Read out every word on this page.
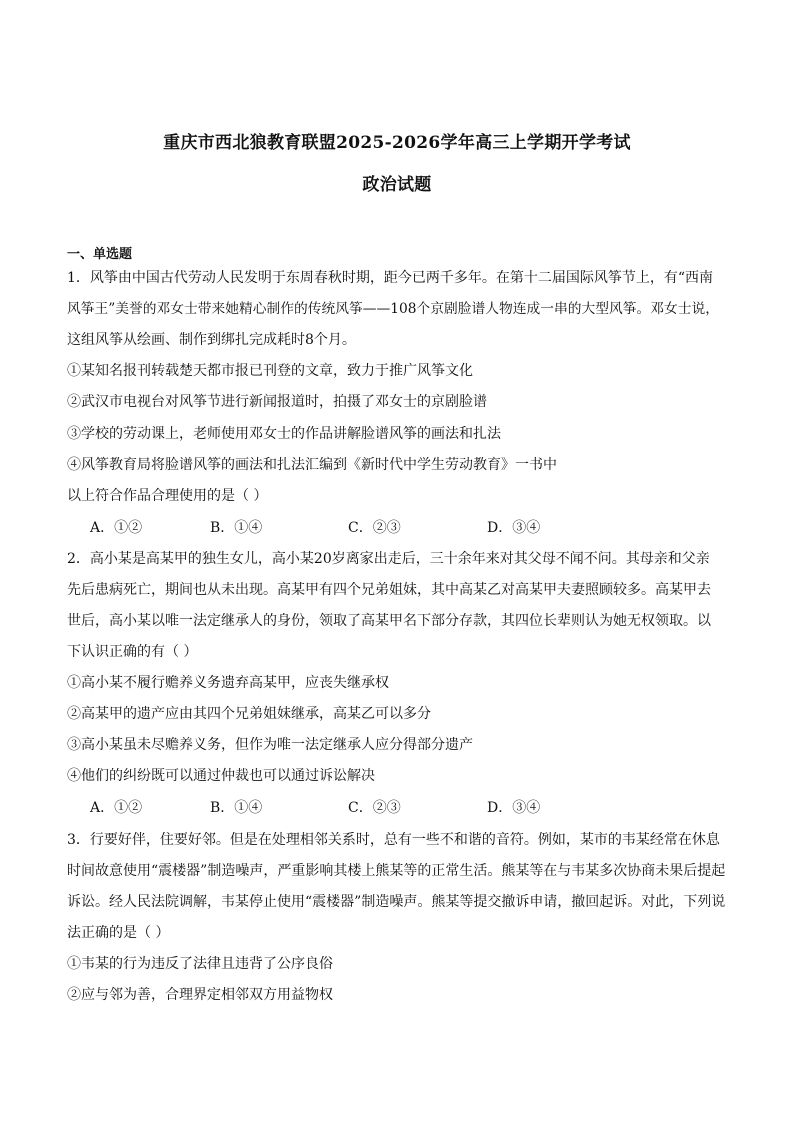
重庆市西北狼教育联盟2025-2026学年高三上学期开学考试
政治试题
一、单选题
1．风筝由中国古代劳动人民发明于东周春秋时期，距今已两千多年。在第十二届国际风筝节上，有“西南
风筝王”美誉的邓女士带来她精心制作的传统风筝——108个京剧脸谱人物连成一串的大型风筝。邓女士说，
这组风筝从绘画、制作到绑扎完成耗时8个月。
①某知名报刊转载楚天都市报已刊登的文章，致力于推广风筝文化
②武汉市电视台对风筝节进行新闻报道时，拍摄了邓女士的京剧脸谱
③学校的劳动课上，老师使用邓女士的作品讲解脸谱风筝的画法和扎法
④风筝教育局将脸谱风筝的画法和扎法汇编到《新时代中学生劳动教育》一书中
以上符合作品合理使用的是（ ）
A．①②	B．①④	C．②③	D．③④
2．高小某是高某甲的独生女儿，高小某20岁离家出走后，三十余年来对其父母不闻不问。其母亲和父亲
先后患病死亡，期间也从未出现。高某甲有四个兄弟姐妹，其中高某乙对高某甲夫妻照顾较多。高某甲去
世后，高小某以唯一法定继承人的身份，领取了高某甲名下部分存款，其四位长辈则认为她无权领取。以
下认识正确的有（ ）
①高小某不履行赡养义务遗弃高某甲，应丧失继承权
②高某甲的遗产应由其四个兄弟姐妹继承，高某乙可以多分
③高小某虽未尽赡养义务，但作为唯一法定继承人应分得部分遗产
④他们的纠纷既可以通过仲裁也可以通过诉讼解决
A．①②	B．①④	C．②③	D．③④
3．行要好伴，住要好邻。但是在处理相邻关系时，总有一些不和谐的音符。例如，某市的韦某经常在休息
时间故意使用“震楼器”制造噪声，严重影响其楼上熊某等的正常生活。熊某等在与韦某多次协商未果后提起
诉讼。经人民法院调解，韦某停止使用“震楼器”制造噪声。熊某等提交撤诉申请，撤回起诉。对此，下列说
法正确的是（ ）
①韦某的行为违反了法律且违背了公序良俗
②应与邻为善，合理界定相邻双方用益物权
